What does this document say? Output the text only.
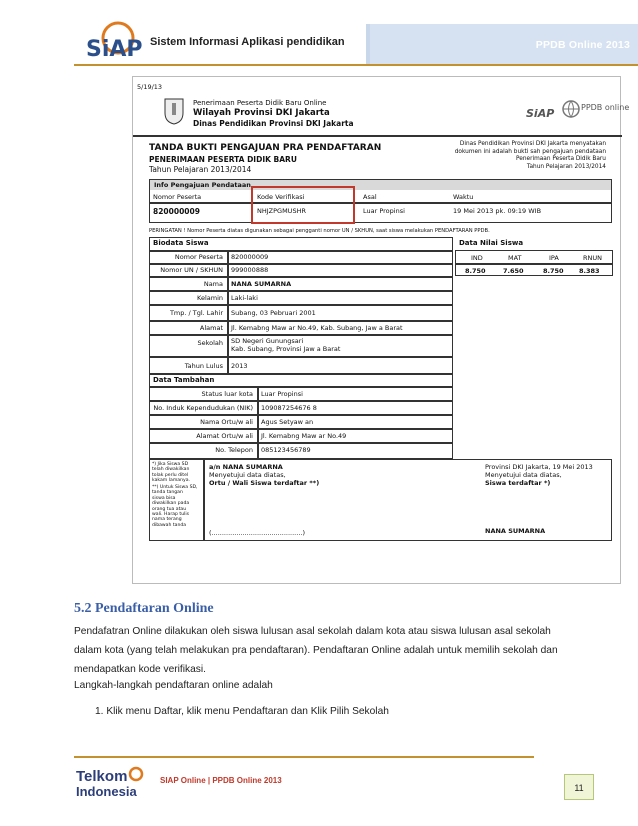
SiAP Sistem Informasi Aplikasi pendidikan	PPDB Online 2013
5/19/13
Penerimaan Peserta Didik Baru Online
Wilayah Provinsi DKI Jakarta
Dinas Pendidikan Provinsi DKI Jakarta
SiAP	PPDB online
TANDA BUKTI PENGAJUAN PRA PENDAFTARAN
PENERIMAAN PESERTA DIDIK BARU
Tahun Pelajaran 2013/2014
Dinas Pendidikan Provinsi DKI Jakarta menyatakan
dokumen ini adalah bukti sah pengajuan pendataan
Penerimaan Peserta Didik Baru
Tahun Pelajaran 2013/2014
Info Pengajuan Pendataan
Nomor Peserta	Kode Verifikasi	Asal	Waktu
820000009	NHJZPGMUSHR	Luar Propinsi	19 Mei 2013 pk. 09:19 WIB
PERINGATAN ! Nomor Peserta diatas digunakan sebagai pengganti nomor UN / SKHUN, saat siswa melakukan PENDAFTARAN PPDB.
Biodata Siswa
Nomor Peserta 820000009
Nomor UN / SKHUN 999000888
Nama NANA SUMARNA
Kelamin Laki-laki
Tmp. / Tgl. Lahir Subang, 03 Pebruari 2001
Alamat Jl. Kemabng Maw ar No.49, Kab. Subang, Jaw a Barat
Sekolah SD Negeri Gunungsari
Kab. Subang, Provinsi Jaw a Barat
Tahun Lulus 2013
Data Nilai Siswa
IND	MAT	IPA	RNUN
8.750	7.650	8.750 8.383
Data Tambahan
Status luar kota Luar Propinsi
No. Induk Kependudukan (NIK) 109087254676 8
Nama Ortu/w ali Agus Setyaw an
Alamat Ortu/w ali Jl. Kemabng Maw ar No.49
No. Telepon 085123456789
*) Jika Siswa SD
telah diwakilkan
tolak perlu ditel
kakam lamanya.
**) Untuk Siswa SD,
tanda tangan
siswa bisa
diwakilkan pada
orang tua atau
wali. Harap tulis
nama terang
dibawah tanda
a/n NANA SUMARNA
Menyetujui data diatas,
Ortu / Wali Siswa terdaftar **)
(............................................)
Provinsi DKI Jakarta, 19 Mei 2013
Menyetujui data diatas,
Siswa terdaftar *)
NANA SUMARNA
5.2 Pendaftaran Online
Pendafatran Online dilakukan oleh siswa lulusan asal sekolah dalam kota atau siswa lulusan asal sekolah dalam kota (yang telah melakukan pra pendaftaran). Pendaftaran Online adalah untuk memilih sekolah dan mendapatkan kode verifikasi.
Langkah-langkah pendaftaran online adalah
1. Klik menu Daftar, klik menu Pendaftaran dan Klik Pilih Sekolah
Telkom
Indonesia
SIAP Online | PPDB Online 2013
11
